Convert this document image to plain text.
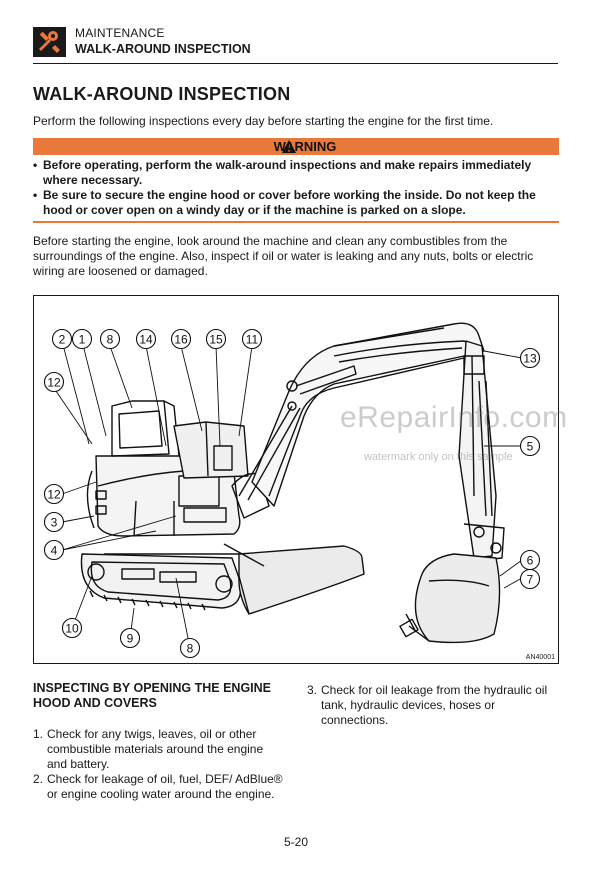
MAINTENANCE
WALK-AROUND INSPECTION
WALK-AROUND INSPECTION
Perform the following inspections every day before starting the engine for the first time.
WARNING
• Before operating, perform the walk-around inspections and make repairs immediately where necessary.
• Be sure to secure the engine hood or cover before working the inside. Do not keep the hood or cover open on a windy day or if the machine is parked on a slope.
Before starting the engine, look around the machine and clean any combustibles from the surroundings of the engine. Also, inspect if oil or water is leaking and any nuts, bolts or electric wiring are loosened or damaged.
2 1 8 14 16 15 11
12
12
3
4
10
9
8
13
5
6
7
AN40001
eRepairInfo.com
watermark only on this sample
INSPECTING BY OPENING THE ENGINE HOOD AND COVERS
1. Check for any twigs, leaves, oil or other combustible materials around the engine and battery.
2. Check for leakage of oil, fuel, DEF/ AdBlue® or engine cooling water around the engine.
3. Check for oil leakage from the hydraulic oil tank, hydraulic devices, hoses or connections.
5-20
